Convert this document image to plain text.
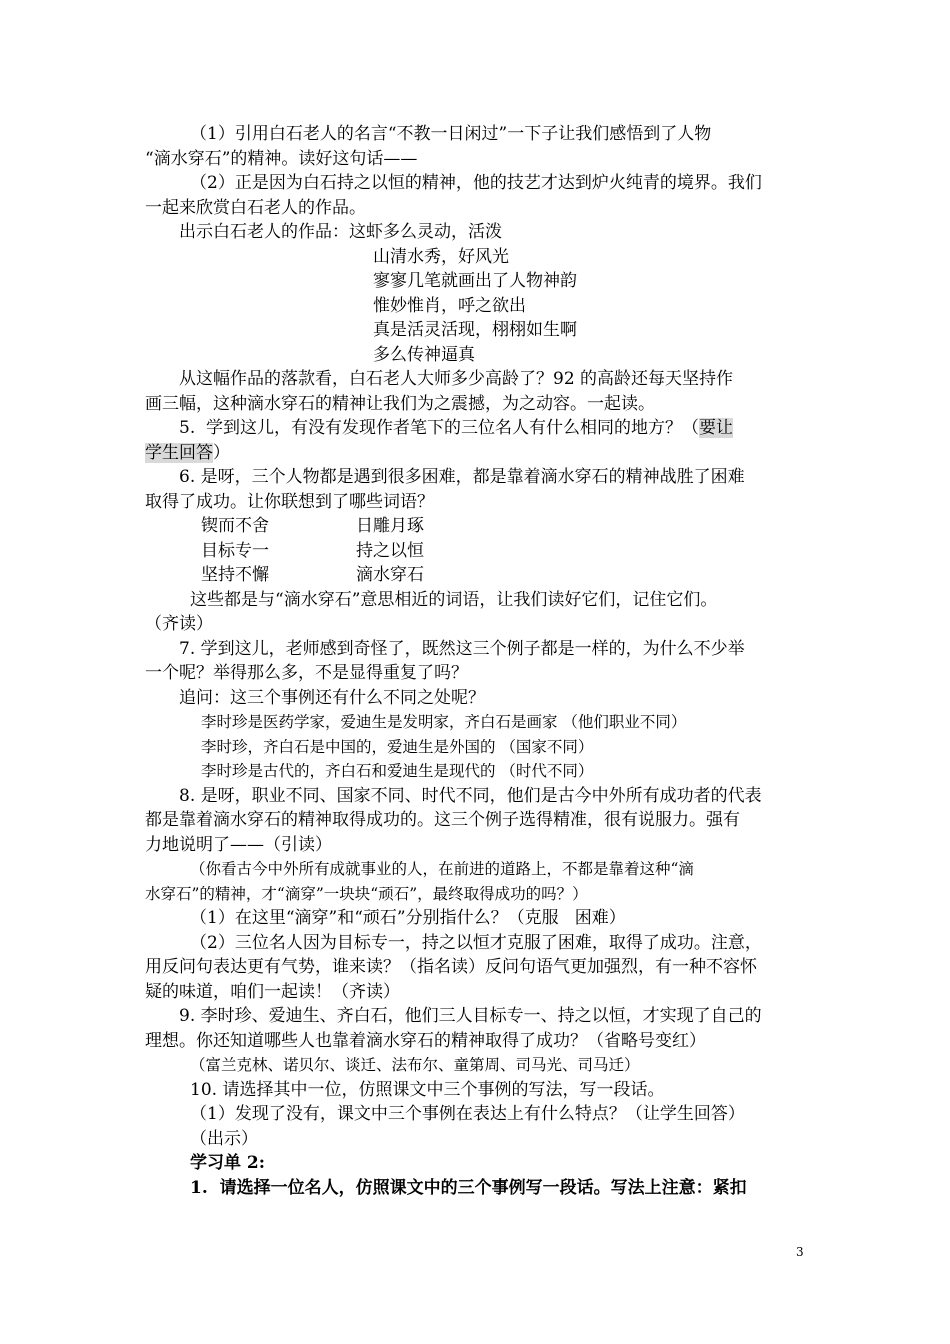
（1）引用白石老人的名言“不教一日闲过”一下子让我们感悟到了人物
“滴水穿石”的精神。读好这句话——
（2）正是因为白石持之以恒的精神，他的技艺才达到炉火纯青的境界。我们
一起来欣赏白石老人的作品。
出示白石老人的作品：这虾多么灵动，活泼
山清水秀，好风光
寥寥几笔就画出了人物神韵
惟妙惟肖，呼之欲出
真是活灵活现，栩栩如生啊
多么传神逼真
从这幅作品的落款看，白石老人大师多少高龄了？92 的高龄还每天坚持作
画三幅，这种滴水穿石的精神让我们为之震撼，为之动容。一起读。
5.  学到这儿，有没有发现作者笔下的三位名人有什么相同的地方？（要让
学生回答）
6. 是呀，三个人物都是遇到很多困难，都是靠着滴水穿石的精神战胜了困难
取得了成功。让你联想到了哪些词语？
锲而不舍	日雕月琢
目标专一	持之以恒
坚持不懈	滴水穿石
这些都是与“滴水穿石”意思相近的词语，让我们读好它们，记住它们。
（齐读）
7. 学到这儿，老师感到奇怪了，既然这三个例子都是一样的，为什么不少举
一个呢？举得那么多，不是显得重复了吗？
追问：这三个事例还有什么不同之处呢？
李时珍是医药学家，爱迪生是发明家，齐白石是画家 （他们职业不同）
李时珍，齐白石是中国的，爱迪生是外国的 （国家不同）
李时珍是古代的，齐白石和爱迪生是现代的 （时代不同）
8. 是呀，职业不同、国家不同、时代不同，他们是古今中外所有成功者的代表
都是靠着滴水穿石的精神取得成功的。这三个例子选得精准，很有说服力。强有
力地说明了——（引读）
（你看古今中外所有成就事业的人，在前进的道路上，不都是靠着这种“滴
水穿石”的精神，才“滴穿”一块块“顽石”，最终取得成功的吗？）
（1）在这里“滴穿”和“顽石”分别指什么？（克服   困难）
（2）三位名人因为目标专一，持之以恒才克服了困难，取得了成功。注意，
用反问句表达更有气势，谁来读？（指名读）反问句语气更加强烈，有一种不容怀
疑的味道，咱们一起读！（齐读）
9. 李时珍、爱迪生、齐白石，他们三人目标专一、持之以恒，才实现了自己的
理想。你还知道哪些人也靠着滴水穿石的精神取得了成功？（省略号变红）
（富兰克林、诺贝尔、谈迁、法布尔、童第周、司马光、司马迁）
10. 请选择其中一位，仿照课文中三个事例的写法，写一段话。
（1）发现了没有，课文中三个事例在表达上有什么特点？（让学生回答）
（出示）
学习单 2:
1.  请选择一位名人，仿照课文中的三个事例写一段话。写法上注意：紧扣
3
